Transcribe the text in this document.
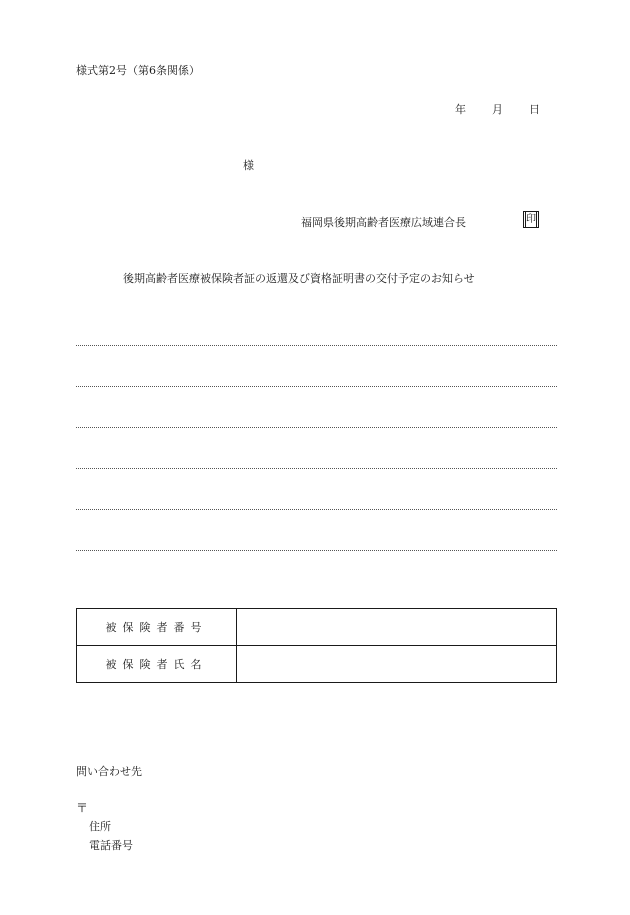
様式第2号（第6条関係）
年 月 日
様
福岡県後期高齢者医療広域連合長	印
後期高齢者医療被保険者証の返還及び資格証明書の交付予定のお知らせ
被保険者番号	
被保険者氏名	
問い合わせ先
〒
住所
電話番号
